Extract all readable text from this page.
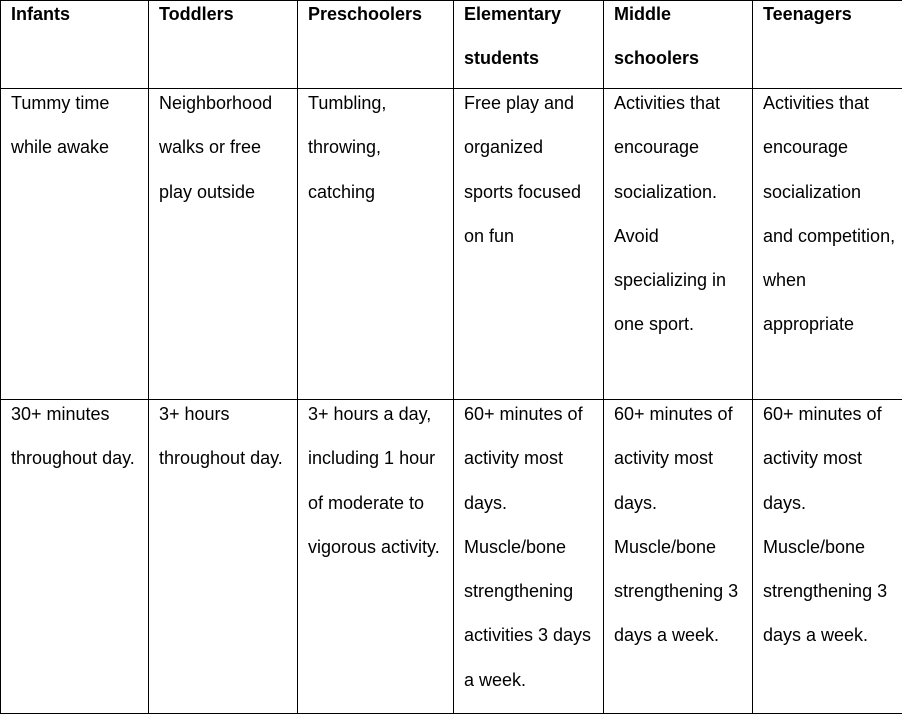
Infants	Toddlers	Preschoolers	Elementary students	Middle schoolers	Teenagers

Tummy time while awake	Neighborhood walks or free play outside	Tumbling, throwing, catching	Free play and organized sports focused on fun	Activities that encourage socialization. Avoid specializing in one sport.	Activities that encourage socialization and competition, when appropriate

30+ minutes throughout day.	3+ hours throughout day.	3+ hours a day, including 1 hour of moderate to vigorous activity.	60+ minutes of activity most days. Muscle/bone strengthening activities 3 days a week.	60+ minutes of activity most days. Muscle/bone strengthening 3 days a week.	60+ minutes of activity most days. Muscle/bone strengthening 3 days a week.
